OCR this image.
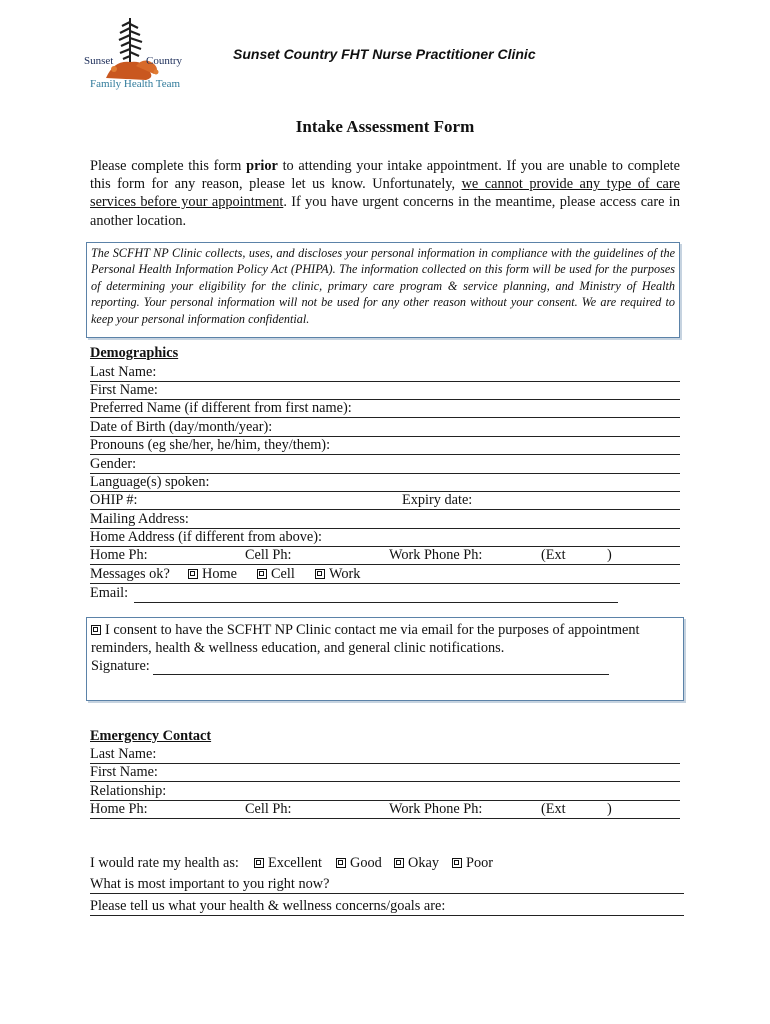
Sunset	Country
Family Health Team
Sunset Country FHT Nurse Practitioner Clinic
Intake Assessment Form
Please complete this form prior to attending your intake appointment. If you are unable to complete this form for any reason, please let us know. Unfortunately, we cannot provide any type of care services before your appointment. If you have urgent concerns in the meantime, please access care in another location.

The SCFHT NP Clinic collects, uses, and discloses your personal information in compliance with the guidelines of the Personal Health Information Policy Act (PHIPA). The information collected on this form will be used for the purposes of determining your eligibility for the clinic, primary care program & service planning, and Ministry of Health reporting. Your personal information will not be used for any other reason without your consent. We are required to keep your personal information confidential.

Demographics
Last Name:
First Name:
Preferred Name (if different from first name):
Date of Birth (day/month/year):
Pronouns (eg she/her, he/him, they/them):
Gender:
Language(s) spoken:
OHIP #:	Expiry date:
Mailing Address:
Home Address (if different from above):
Home Ph:	Cell Ph:	Work Phone Ph:	(Ext	)
Messages ok?	Home	Cell	Work
Email:
I consent to have the SCFHT NP Clinic contact me via email for the purposes of appointment reminders, health & wellness education, and general clinic notifications.
Signature:
Emergency Contact
Last Name:
First Name:
Relationship:
Home Ph:	Cell Ph:	Work Phone Ph:	(Ext	)
I would rate my health as:	Excellent	Good	Okay	Poor
What is most important to you right now?
Please tell us what your health & wellness concerns/goals are:
